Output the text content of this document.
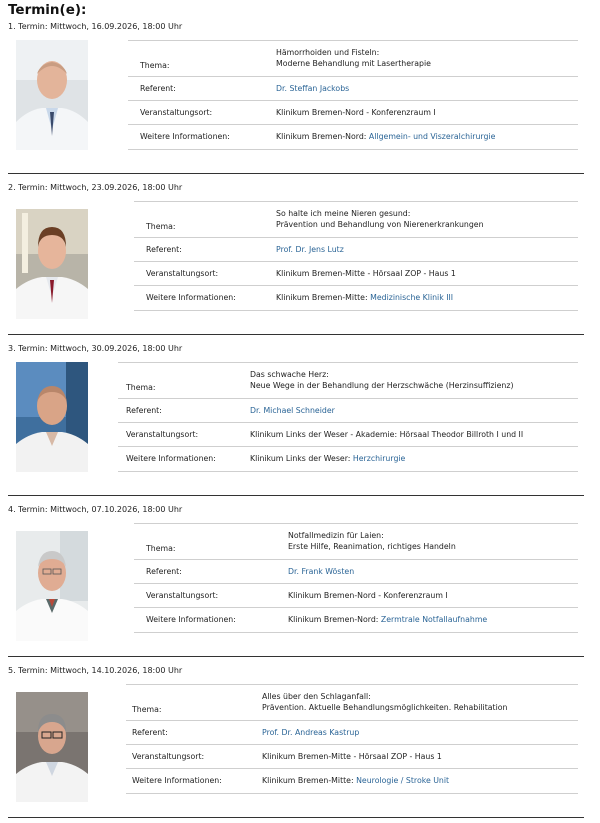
Termin(e):
1. Termin: Mittwoch, 16.09.2026, 18:00 Uhr
Thema:
Hämorrhoiden und Fisteln:
Moderne Behandlung mit Lasertherapie
Referent:	Dr. Steffan Jackobs
Veranstaltungsort:	Klinikum Bremen-Nord - Konferenzraum I
Weitere Informationen:	Klinikum Bremen-Nord: Allgemein- und Viszeralchirurgie
2. Termin: Mittwoch, 23.09.2026, 18:00 Uhr
Thema:
So halte ich meine Nieren gesund:
Prävention und Behandlung von Nierenerkrankungen
Referent:	Prof. Dr. Jens Lutz
Veranstaltungsort:	Klinikum Bremen-Mitte - Hörsaal ZOP - Haus 1
Weitere Informationen:	Klinikum Bremen-Mitte: Medizinische Klinik III
3. Termin: Mittwoch, 30.09.2026, 18:00 Uhr
Thema:
Das schwache Herz:
Neue Wege in der Behandlung der Herzschwäche (Herzinsuffizienz)
Referent:	Dr. Michael Schneider
Veranstaltungsort:	Klinikum Links der Weser - Akademie: Hörsaal Theodor Billroth I und II
Weitere Informationen:	Klinikum Links der Weser: Herzchirurgie
4. Termin: Mittwoch, 07.10.2026, 18:00 Uhr
Thema:
Notfallmedizin für Laien:
Erste Hilfe, Reanimation, richtiges Handeln
Referent:	Dr. Frank Wösten
Veranstaltungsort:	Klinikum Bremen-Nord - Konferenzraum I
Weitere Informationen:	Klinikum Bremen-Nord: Zermtrale Notfallaufnahme
5. Termin: Mittwoch, 14.10.2026, 18:00 Uhr
Thema:
Alles über den Schlaganfall:
Prävention. Aktuelle Behandlungsmöglichkeiten. Rehabilitation
Referent:	Prof. Dr. Andreas Kastrup
Veranstaltungsort:	Klinikum Bremen-Mitte - Hörsaal ZOP - Haus 1
Weitere Informationen:	Klinikum Bremen-Mitte: Neurologie / Stroke Unit
